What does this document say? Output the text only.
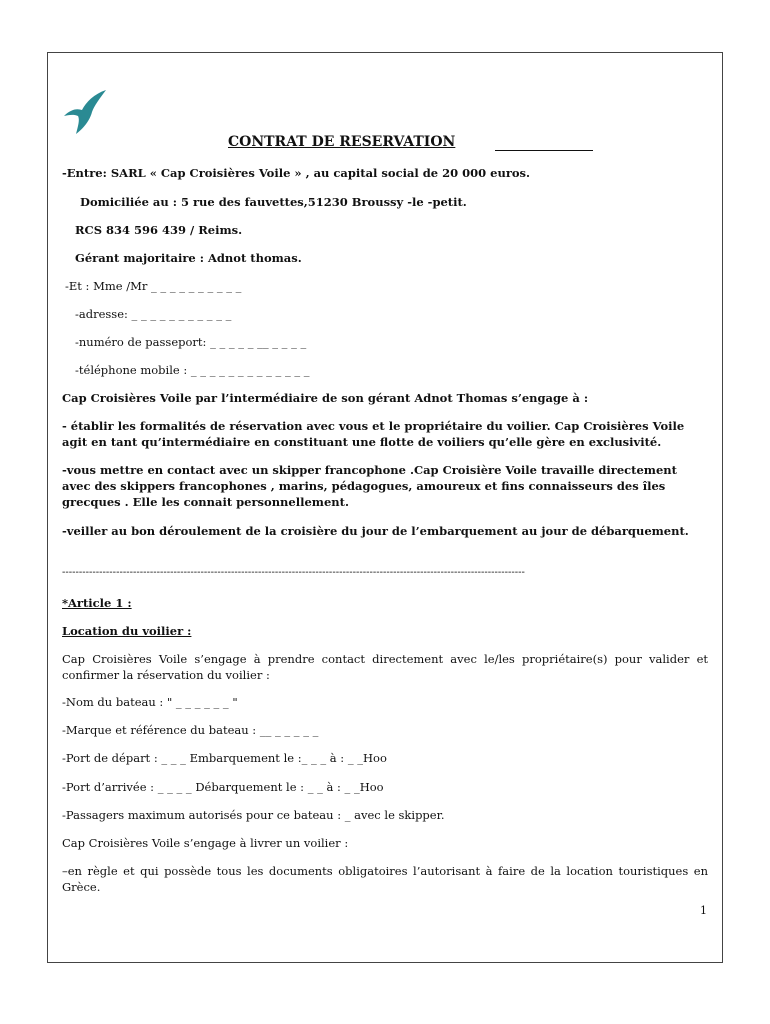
CONTRAT DE RESERVATION
-Entre: SARL « Cap Croisières Voile » , au capital social de 20 000 euros.
Domiciliée au : 5 rue des fauvettes,51230 Broussy -le -petit.
RCS 834 596 439 / Reims.
Gérant majoritaire : Adnot thomas.
-Et : Mme /Mr _ _ _ _ _ _ _ _ _ _
-adresse: _ _ _ _ _ _ _ _ _ _ _
-numéro de passeport: _ _ _ _ _ __ _ _ _ _
-téléphone mobile : _ _ _ _ _ _ _ _ _ _ _ _ _
Cap Croisières Voile par l’intermédiaire de son gérant Adnot Thomas s’engage à :
- établir les formalités de réservation avec vous et le propriétaire du voilier. Cap Croisières Voile agit en tant qu’intermédiaire en constituant une flotte de voiliers qu’elle gère en exclusivité.
-vous mettre en contact avec un skipper francophone .Cap Croisière Voile travaille directement avec des skippers francophones , marins, pédagogues, amoureux et fins connaisseurs des îles grecques . Elle les connait personnellement.
-veiller au bon déroulement de la croisière du jour de l’embarquement au jour de débarquement.
-----------------------------------------------------------------------------------------------------------------------------------------
*Article 1 :
Location du voilier :
Cap Croisières Voile s’engage à prendre contact directement avec le/les propriétaire(s) pour valider et confirmer la réservation du voilier :
-Nom du bateau : " _ _ _ _ _ _ "
-Marque et référence du bateau : __ _ _ _ _ _
-Port de départ : _ _ _ Embarquement le :_ _ _ à : _ _Hoo
-Port d’arrivée : _ _ _ _ Débarquement le : _ _ à : _ _Hoo
-Passagers maximum autorisés pour ce bateau : _ avec le skipper.
Cap Croisières Voile s’engage à livrer un voilier :
–en règle et qui possède tous les documents obligatoires l’autorisant à faire de la location touristiques en Grèce.
1
